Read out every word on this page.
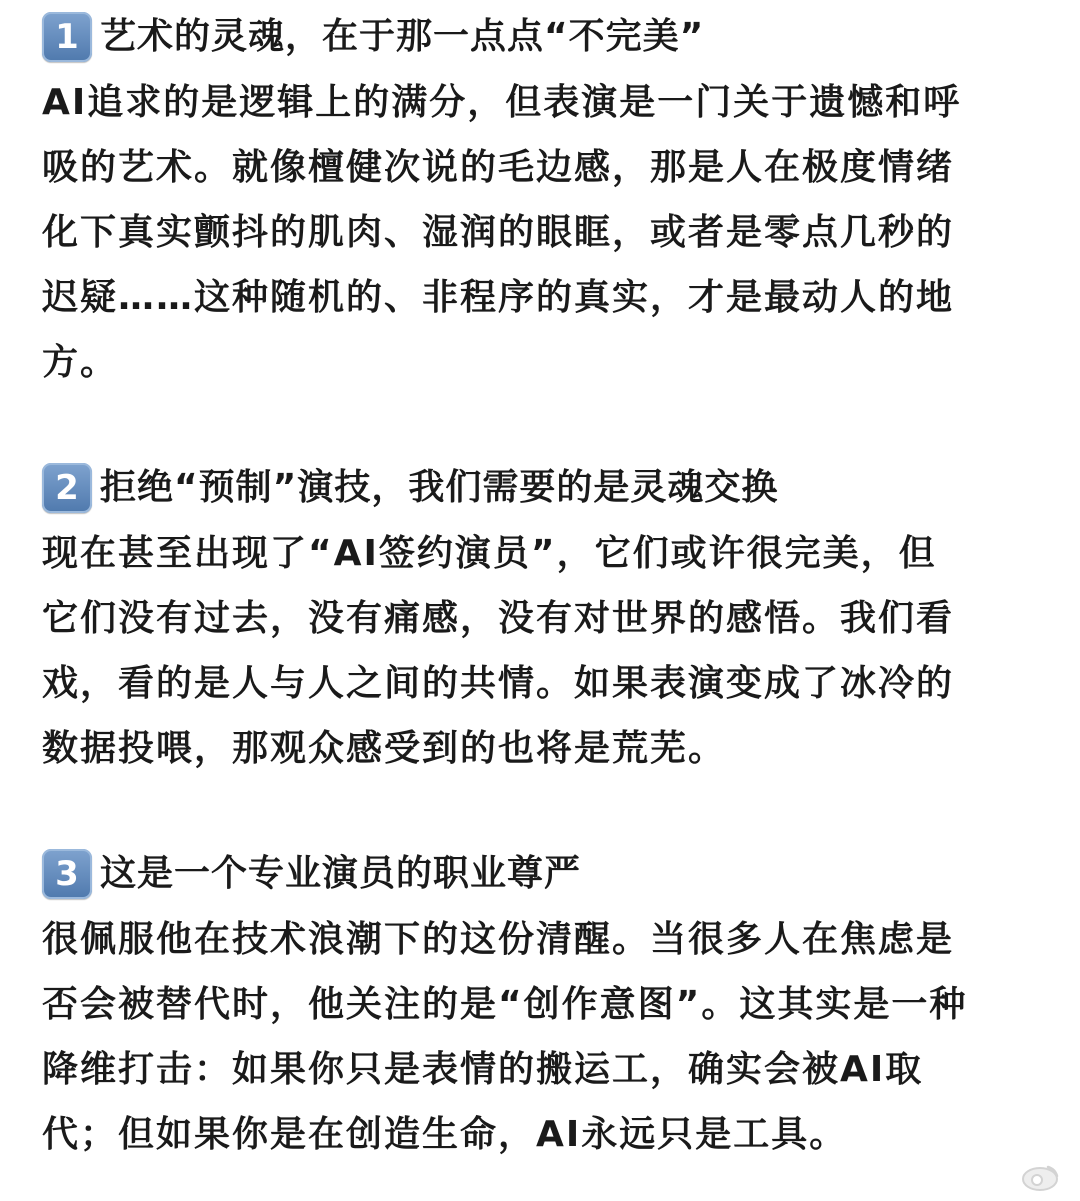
1 艺术的灵魂，在于那一点点“不完美”
AI追求的是逻辑上的满分，但表演是一门关于遗憾和呼
吸的艺术。就像檀健次说的毛边感，那是人在极度情绪
化下真实颤抖的肌肉、湿润的眼眶，或者是零点几秒的
迟疑……这种随机的、非程序的真实，才是最动人的地
方。
2 拒绝“预制”演技，我们需要的是灵魂交换
现在甚至出现了“AI签约演员”，它们或许很完美，但
它们没有过去，没有痛感，没有对世界的感悟。我们看
戏，看的是人与人之间的共情。如果表演变成了冰冷的
数据投喂，那观众感受到的也将是荒芜。
3 这是一个专业演员的职业尊严
很佩服他在技术浪潮下的这份清醒。当很多人在焦虑是
否会被替代时，他关注的是“创作意图”。这其实是一种
降维打击：如果你只是表情的搬运工，确实会被AI取
代；但如果你是在创造生命，AI永远只是工具。
